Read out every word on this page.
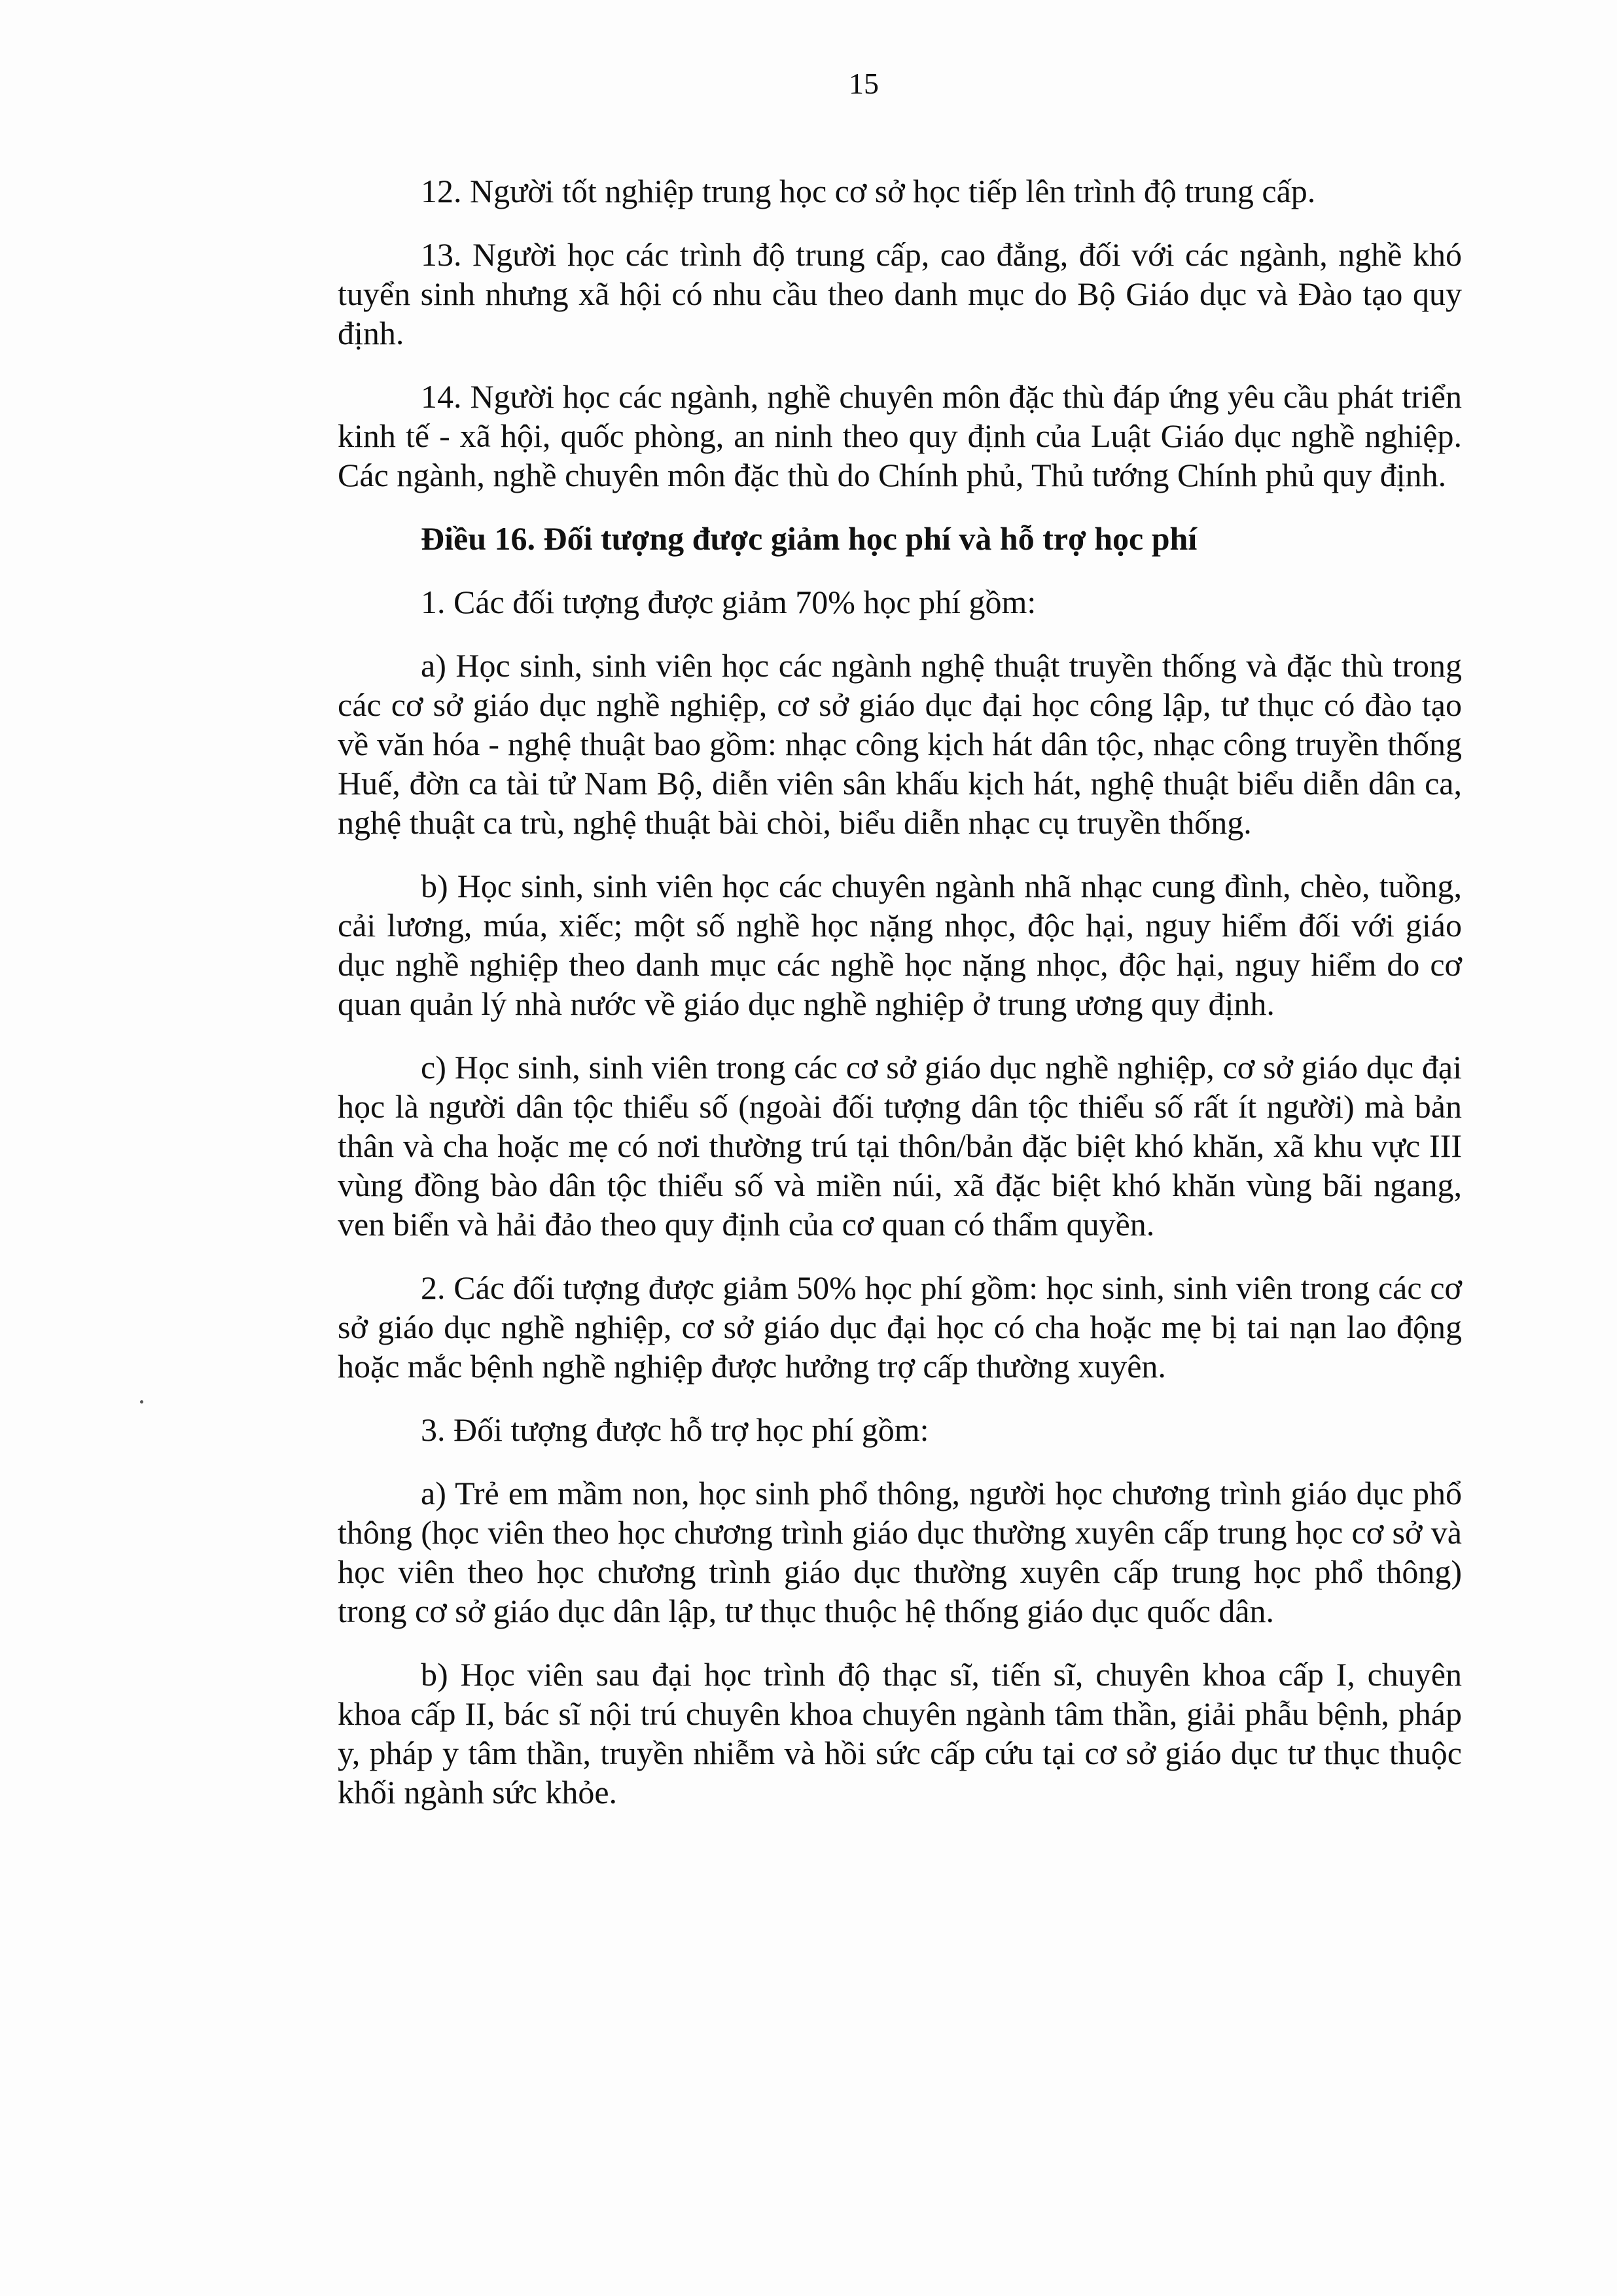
15

12. Người tốt nghiệp trung học cơ sở học tiếp lên trình độ trung cấp.

13. Người học các trình độ trung cấp, cao đẳng, đối với các ngành, nghề khó tuyển sinh nhưng xã hội có nhu cầu theo danh mục do Bộ Giáo dục và Đào tạo quy định.

14. Người học các ngành, nghề chuyên môn đặc thù đáp ứng yêu cầu phát triển kinh tế - xã hội, quốc phòng, an ninh theo quy định của Luật Giáo dục nghề nghiệp. Các ngành, nghề chuyên môn đặc thù do Chính phủ, Thủ tướng Chính phủ quy định.

Điều 16. Đối tượng được giảm học phí và hỗ trợ học phí

1. Các đối tượng được giảm 70% học phí gồm:

a) Học sinh, sinh viên học các ngành nghệ thuật truyền thống và đặc thù trong các cơ sở giáo dục nghề nghiệp, cơ sở giáo dục đại học công lập, tư thục có đào tạo về văn hóa - nghệ thuật bao gồm: nhạc công kịch hát dân tộc, nhạc công truyền thống Huế, đờn ca tài tử Nam Bộ, diễn viên sân khấu kịch hát, nghệ thuật biểu diễn dân ca, nghệ thuật ca trù, nghệ thuật bài chòi, biểu diễn nhạc cụ truyền thống.

b) Học sinh, sinh viên học các chuyên ngành nhã nhạc cung đình, chèo, tuồng, cải lương, múa, xiếc; một số nghề học nặng nhọc, độc hại, nguy hiểm đối với giáo dục nghề nghiệp theo danh mục các nghề học nặng nhọc, độc hại, nguy hiểm do cơ quan quản lý nhà nước về giáo dục nghề nghiệp ở trung ương quy định.

c) Học sinh, sinh viên trong các cơ sở giáo dục nghề nghiệp, cơ sở giáo dục đại học là người dân tộc thiểu số (ngoài đối tượng dân tộc thiểu số rất ít người) mà bản thân và cha hoặc mẹ có nơi thường trú tại thôn/bản đặc biệt khó khăn, xã khu vực III vùng đồng bào dân tộc thiểu số và miền núi, xã đặc biệt khó khăn vùng bãi ngang, ven biển và hải đảo theo quy định của cơ quan có thẩm quyền.

2. Các đối tượng được giảm 50% học phí gồm: học sinh, sinh viên trong các cơ sở giáo dục nghề nghiệp, cơ sở giáo dục đại học có cha hoặc mẹ bị tai nạn lao động hoặc mắc bệnh nghề nghiệp được hưởng trợ cấp thường xuyên.

3. Đối tượng được hỗ trợ học phí gồm:

a) Trẻ em mầm non, học sinh phổ thông, người học chương trình giáo dục phổ thông (học viên theo học chương trình giáo dục thường xuyên cấp trung học cơ sở và học viên theo học chương trình giáo dục thường xuyên cấp trung học phổ thông) trong cơ sở giáo dục dân lập, tư thục thuộc hệ thống giáo dục quốc dân.

b) Học viên sau đại học trình độ thạc sĩ, tiến sĩ, chuyên khoa cấp I, chuyên khoa cấp II, bác sĩ nội trú chuyên khoa chuyên ngành tâm thần, giải phẫu bệnh, pháp y, pháp y tâm thần, truyền nhiễm và hồi sức cấp cứu tại cơ sở giáo dục tư thục thuộc khối ngành sức khỏe.
